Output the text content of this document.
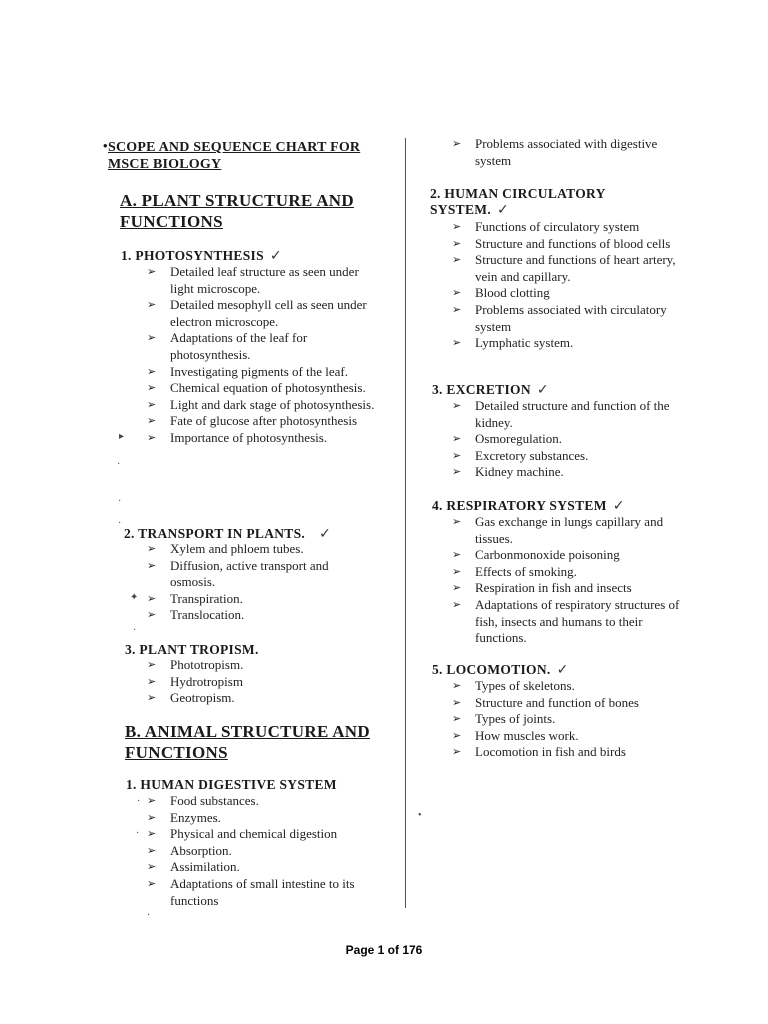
• SCOPE AND SEQUENCE CHART FOR MSCE BIOLOGY
A. PLANT STRUCTURE AND FUNCTIONS
1. PHOTOSYNTHESIS ✓
➢ Detailed leaf structure as seen under light microscope.
➢ Detailed mesophyll cell as seen under electron microscope.
➢ Adaptations of the leaf for photosynthesis.
➢ Investigating pigments of the leaf.
➢ Chemical equation of photosynthesis.
➢ Light and dark stage of photosynthesis.
➢ Fate of glucose after photosynthesis
➢ Importance of photosynthesis.
2. TRANSPORT IN PLANTS. ✓
➢ Xylem and phloem tubes.
➢ Diffusion, active transport and osmosis.
➢ Transpiration.
➢ Translocation.
3. PLANT TROPISM.
➢ Phototropism.
➢ Hydrotropism
➢ Geotropism.
B. ANIMAL STRUCTURE AND FUNCTIONS
1. HUMAN DIGESTIVE SYSTEM
➢ Food substances.
➢ Enzymes.
➢ Physical and chemical digestion
➢ Absorption.
➢ Assimilation.
➢ Adaptations of small intestine to its functions
➢ Problems associated with digestive system
2. HUMAN CIRCULATORY SYSTEM. ✓
➢ Functions of circulatory system
➢ Structure and functions of blood cells
➢ Structure and functions of heart artery, vein and capillary.
➢ Blood clotting
➢ Problems associated with circulatory system
➢ Lymphatic system.
3. EXCRETION ✓
➢ Detailed structure and function of the kidney.
➢ Osmoregulation.
➢ Excretory substances.
➢ Kidney machine.
4. RESPIRATORY SYSTEM ✓
➢ Gas exchange in lungs capillary and tissues.
➢ Carbonmonoxide poisoning
➢ Effects of smoking.
➢ Respiration in fish and insects
➢ Adaptations of respiratory structures of fish, insects and humans to their functions.
5. LOCOMOTION. ✓
➢ Types of skeletons.
➢ Structure and function of bones
➢ Types of joints.
➢ How muscles work.
➢ Locomotion in fish and birds
▸
·
·
·
✦
·
·
·
·
•
Page 1 of 176
